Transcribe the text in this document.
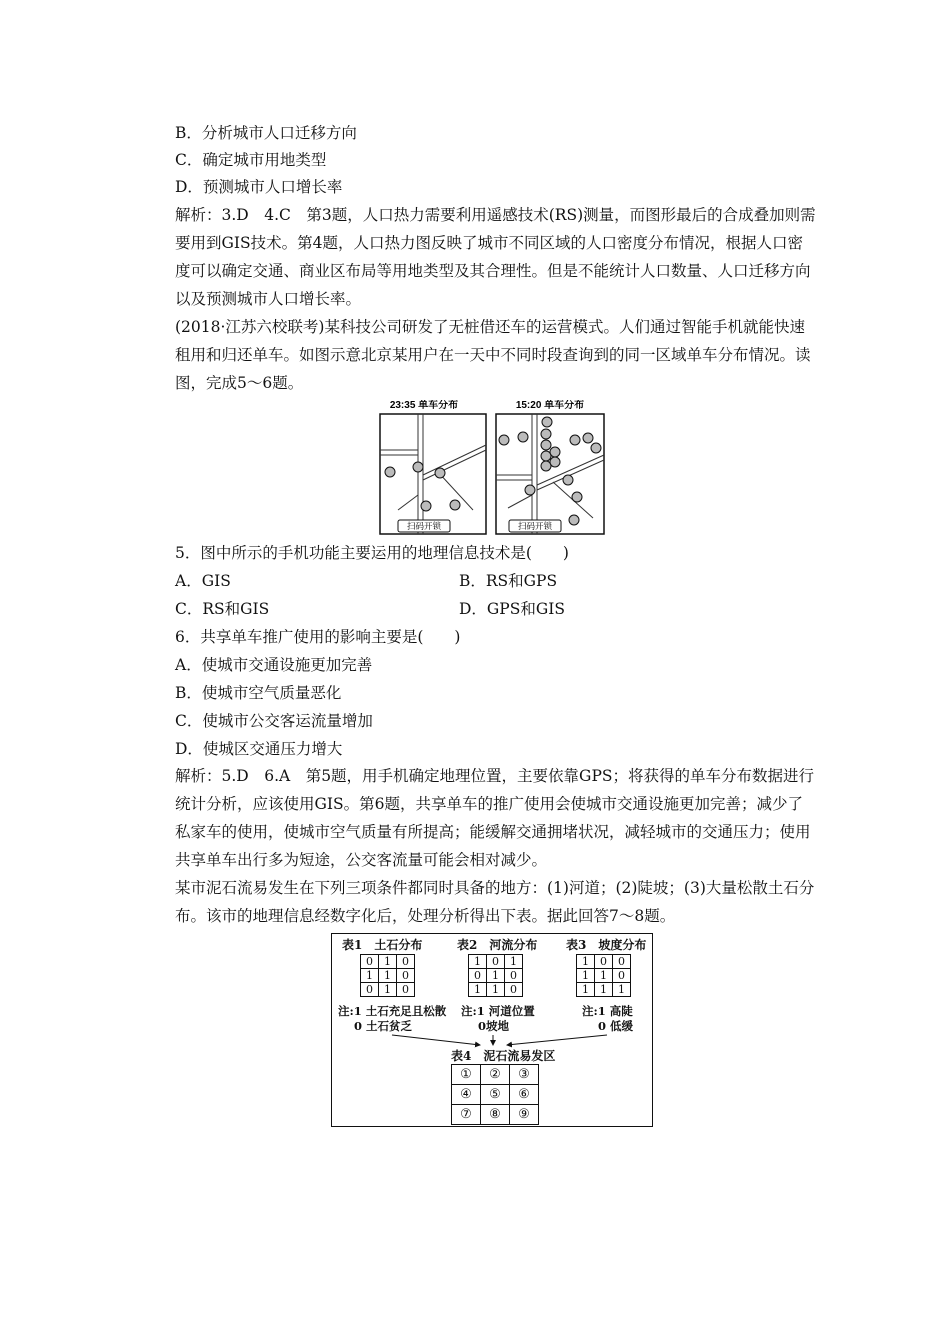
B．分析城市人口迁移方向
C．确定城市用地类型
D．预测城市人口增长率
解析：3.D　4.C　第3题，人口热力需要利用遥感技术(RS)测量，而图形最后的合成叠加则需要用到GIS技术。第4题，人口热力图反映了城市不同区域的人口密度分布情况，根据人口密度可以确定交通、商业区布局等用地类型及其合理性。但是不能统计人口数量、人口迁移方向以及预测城市人口增长率。
(2018·江苏六校联考)某科技公司研发了无桩借还车的运营模式。人们通过智能手机就能快速租用和归还单车。如图示意北京某用户在一天中不同时段查询到的同一区域单车分布情况。读图，完成5～6题。
23:35 单车分布
扫码开锁
15:20 单车分布
扫码开锁
5．图中所示的手机功能主要运用的地理信息技术是(　　)
A．GIS	B．RS和GPS
C．RS和GIS	D．GPS和GIS
6．共享单车推广使用的影响主要是(　　)
A．使城市交通设施更加完善
B．使城市空气质量恶化
C．使城市公交客运流量增加
D．使城区交通压力增大
解析：5.D　6.A　第5题，用手机确定地理位置，主要依靠GPS；将获得的单车分布数据进行统计分析，应该使用GIS。第6题，共享单车的推广使用会使城市交通设施更加完善；减少了私家车的使用，使城市空气质量有所提高；能缓解交通拥堵状况，减轻城市的交通压力；使用共享单车出行多为短途，公交客流量可能会相对减少。
某市泥石流易发生在下列三项条件都同时具备的地方：(1)河道；(2)陡坡；(3)大量松散土石分布。该市的地理信息经数字化后，处理分析得出下表。据此回答7～8题。
表1　土石分布	表2　河流分布 表3　坡度分布
0	1	0
1	1	0
0	1	0
1	0	1
0	1	0
1	1	0
1	0	0
1	1	0
1	1	1
注:1 土石充足且松散
0 土石贫乏
注:1 河道位置
0坡地
注:1 高陡
0 低缓
表4　泥石流易发区
①	②	③
④	⑤	⑥
⑦	⑧	⑨
